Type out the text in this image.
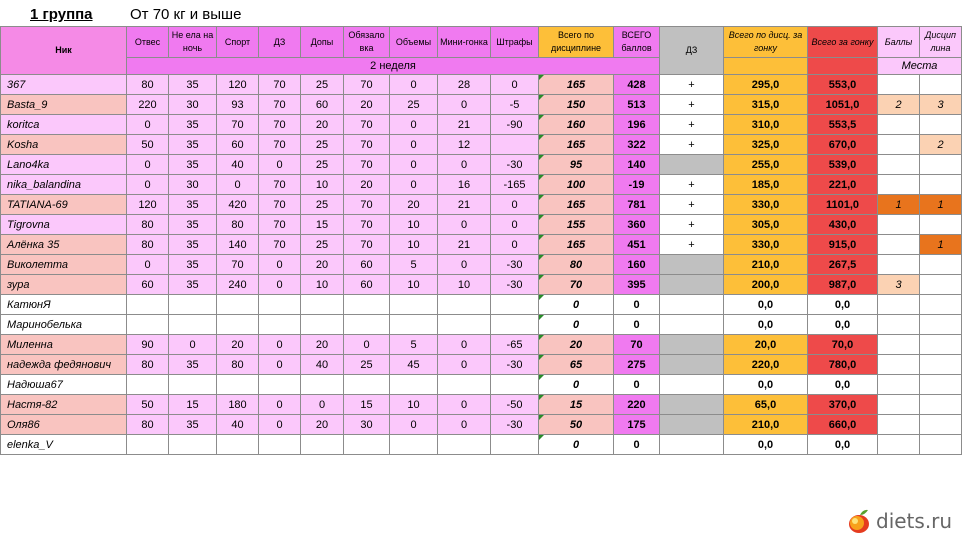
1 группа От 70 кг и выше
Ник	Отвес	Не ела на ночь	Спорт	ДЗ	Допы	Обязало вка	Объемы	Мини-гонка	Штрафы	Всего по дисциплине	ВСЕГО баллов	ДЗ	Всего по дисц. за гонку	Всего за гонку	Баллы	Дисцип лина
	2 неделя														Места	
367	80	35	120	70	25	70	0	28	0	165	428	+	295,0	553,0		
Basta_9	220	30	93	70	60	20	25	0	-5	150	513	+	315,0	1051,0	2	3
koritca	0	35	70	70	20	70	0	21	-90	160	196	+	310,0	553,5		
Kosha	50	35	60	70	25	70	0	12		165	322	+	325,0	670,0		2
Lano4ka	0	35	40	0	25	70	0	0	-30	95	140		255,0	539,0		
nika_balandina	0	30	0	70	10	20	0	16	-165	100	-19	+	185,0	221,0		
TATIANA-69	120	35	420	70	25	70	20	21	0	165	781	+	330,0	1101,0	1	1
Tigrovna	80	35	80	70	15	70	10	0	0	155	360	+	305,0	430,0		
Алёнка 35	80	35	140	70	25	70	10	21	0	165	451	+	330,0	915,0		1
Виколетта	0	35	70	0	20	60	5	0	-30	80	160		210,0	267,5		
зура	60	35	240	0	10	60	10	10	-30	70	395		200,0	987,0	3	
КатюнЯ										0	0		0,0	0,0		
Маринобелька										0	0		0,0	0,0		
Миленна	90	0	20	0	20	0	5	0	-65	20	70		20,0	70,0		
надежда федянович	80	35	80	0	40	25	45	0	-30	65	275		220,0	780,0		
Надюша67										0	0		0,0	0,0		
Настя-82	50	15	180	0	0	15	10	0	-50	15	220		65,0	370,0		
Оля86	80	35	40	0	20	30	0	0	-30	50	175		210,0	660,0		
elenka_V										0	0		0,0	0,0		
diets.ru
